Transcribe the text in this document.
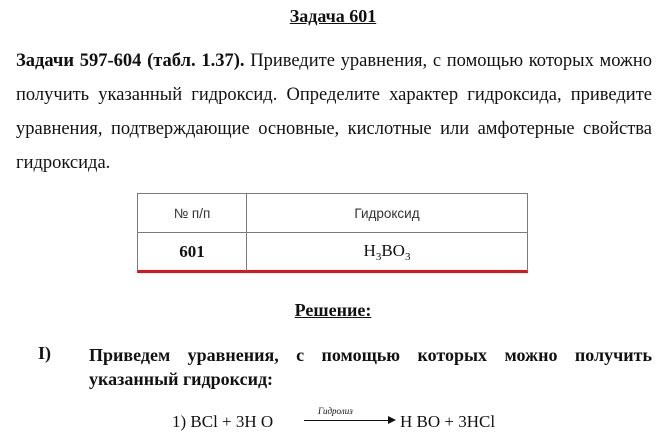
Задача 601
Задачи 597-604 (табл. 1.37). Приведите уравнения, с помощью которых можно получить указанный гидроксид. Определите характер гидроксида, приведите уравнения, подтверждающие основные, кислотные или амфотерные свойства гидроксида.
№ п/п	Гидроксид
601	$H_3BO_3$
Решение:
I) Приведем уравнения, с помощью которых можно получить указанный гидроксид:
1) BCl + 3H O
Гидролиз
H BO + 3HCl
